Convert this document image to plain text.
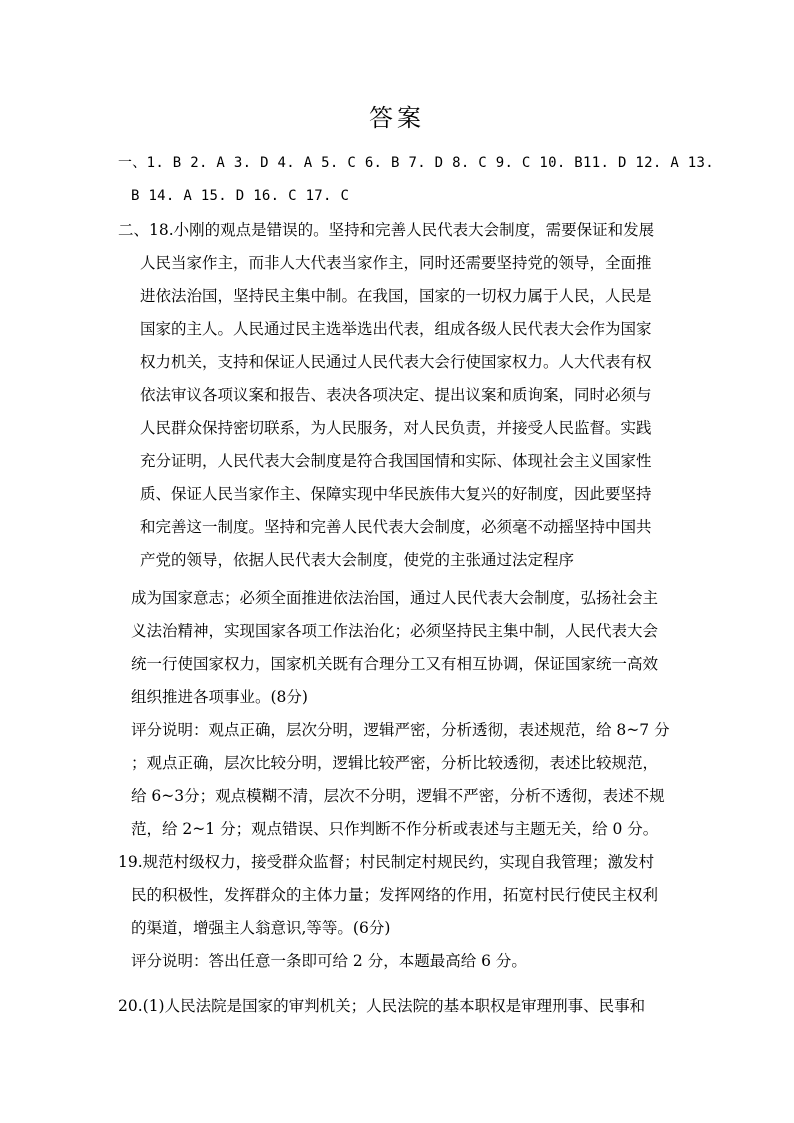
答案
一、1. B 2. A 3. D 4. A 5. C 6. B 7. D 8. C 9. C 10. B11. D 12. A 13.
B 14. A 15. D 16. C 17. C
二、18.小刚的观点是错误的。坚持和完善人民代表大会制度，需要保证和发展
人民当家作主，而非人大代表当家作主，同时还需要坚持党的领导，全面推
进依法治国，坚持民主集中制。在我国，国家的一切权力属于人民，人民是
国家的主人。人民通过民主选举选出代表，组成各级人民代表大会作为国家
权力机关，支持和保证人民通过人民代表大会行使国家权力。人大代表有权
依法审议各项议案和报告、表决各项决定、提出议案和质询案，同时必须与
人民群众保持密切联系，为人民服务，对人民负责，并接受人民监督。实践
充分证明，人民代表大会制度是符合我国国情和实际、体现社会主义国家性
质、保证人民当家作主、保障实现中华民族伟大复兴的好制度，因此要坚持
和完善这一制度。坚持和完善人民代表大会制度，必须毫不动摇坚持中国共
产党的领导，依据人民代表大会制度，使党的主张通过法定程序
成为国家意志；必须全面推进依法治国，通过人民代表大会制度，弘扬社会主
义法治精神，实现国家各项工作法治化；必须坚持民主集中制，人民代表大会
统一行使国家权力，国家机关既有合理分工又有相互协调，保证国家统一高效
组织推进各项事业。(8分)
评分说明：观点正确，层次分明，逻辑严密，分析透彻，表述规范，给 8~7 分
；观点正确，层次比较分明，逻辑比较严密，分析比较透彻，表述比较规范，
给 6~3分；观点模糊不清，层次不分明，逻辑不严密，分析不透彻，表述不规
范，给 2~1 分；观点错误、只作判断不作分析或表述与主题无关，给 0 分。
19.规范村级权力，接受群众监督；村民制定村规民约，实现自我管理；激发村
民的积极性，发挥群众的主体力量；发挥网络的作用，拓宽村民行使民主权利
的渠道，增强主人翁意识,等等。(6分)
评分说明：答出任意一条即可给 2 分，本题最高给 6 分。
20.(1)人民法院是国家的审判机关；人民法院的基本职权是审理刑事、民事和
